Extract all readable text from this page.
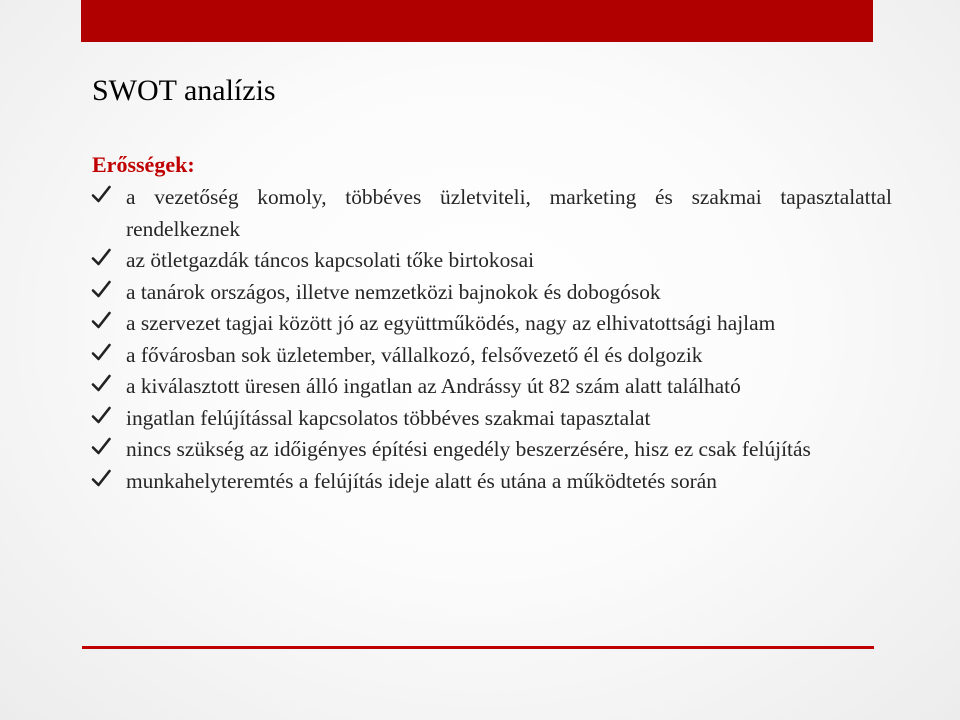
SWOT analízis
Erősségek:
a vezetőség komoly, többéves üzletviteli, marketing és szakmai tapasztalattal rendelkeznek
az ötletgazdák táncos kapcsolati tőke birtokosai
a tanárok országos, illetve nemzetközi bajnokok és dobogósok
a szervezet tagjai között jó az együttműködés, nagy az elhivatottsági hajlam
a fővárosban sok üzletember, vállalkozó, felsővezető él és dolgozik
a kiválasztott üresen álló ingatlan az Andrássy út 82 szám alatt található
ingatlan felújítással kapcsolatos többéves szakmai tapasztalat
nincs szükség az időigényes építési engedély beszerzésére, hisz ez csak felújítás
munkahelyteremtés a felújítás ideje alatt és utána a működtetés során
